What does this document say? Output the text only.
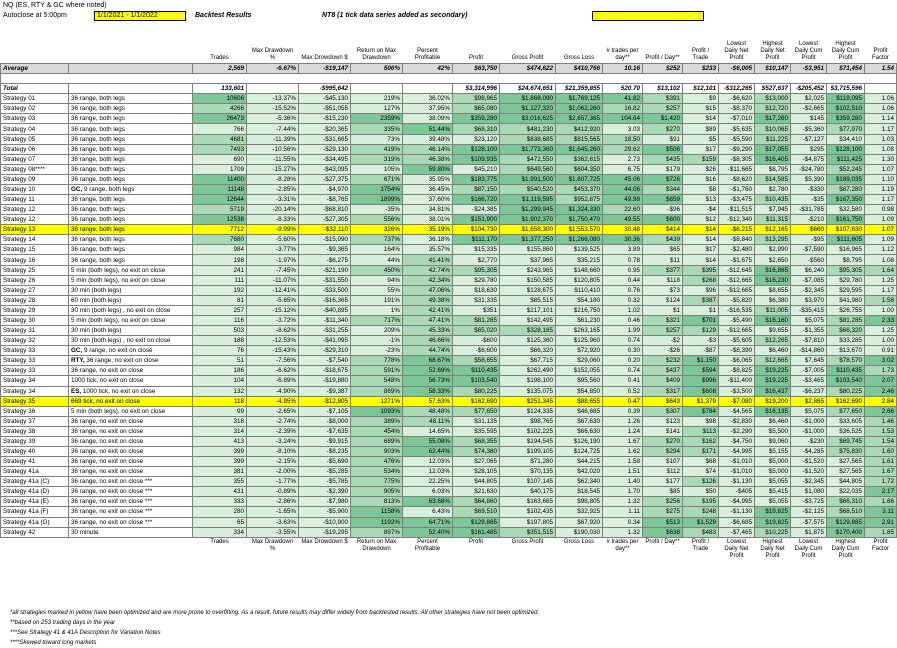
NQ (ES, RTY & GC where noted)
Autoclose at 5:00pm	1/1/2021 - 1/1/2022	Backtest Results	NT8 (1 tick data series added as secondary)
		Trades	Max Drawdown %	Max Drowdown $	Return on Max Drawdown	Percent Profitable	Profit	Gross Profit	Gross Loss	# trades per day**	Profit / Day**	Profit / Trade	Lowest Daily Net Profit	Highest Daily Net Profit	Lowest Daily Cum Profit	Highest Daily Cum Profit	Profit Factor
Average		2,569	-6.67%	-$19,147	506%	42%	$63,750	$474,622	$410,766	10.16	$252	$233	-$6,005	$10,147	-$3,951	$71,454	1.54

Total		133,601		-$995,642			$3,314,996	$24,674,651	$21,359,855	520.70	$13,102	$12,101	-$312,265	$527,637	-$205,452	$3,715,596	
Strategy 01	36 range, both legs	10606	-13.37%	-$45,130	219%	36.02%	$98,965	$1,868,090	$1,769,125	41.82	$391	$9	-$6,620	$13,000	$2,025	$118,095	1.06
Strategy 02	36 range, both legs	4266	-15.52%	-$51,055	127%	37.95%	$65,080	$1,127,320	$1,062,260	16.82	$257	$15	-$8,370	$12,720	-$2,665	$102,510	1.06
Strategy 03	36 range, both legs	26473	-5.36%	-$15,230	2359%	38.09%	$359,280	$3,016,625	$2,657,365	104.64	$1,420	$14	-$7,010	$17,260	$145	$359,280	1.14
Strategy 04	36 range, both legs	766	-7.44%	-$20,365	335%	51.44%	$68,310	$481,230	$412,920	3.03	$270	$89	-$5,635	$10,065	-$5,360	$77,970	1.17
Strategy 05	36 range, both legs	4681	-11.39%	-$31,665	73%	39.48%	$23,120	$838,685	$815,565	18.50	$91	$5	-$5,590	$11,225	-$7,127	$34,410	1.03
Strategy 06	36 range, both legs	7493	-10.56%	-$29,130	419%	46.14%	$128,100	$1,773,360	$1,645,260	29.62	$506	$17	-$9,290	$17,055	$295	$128,100	1.08
Strategy 07	36 range, both legs	690	-11.55%	-$34,495	319%	46.38%	$109,935	$472,550	$362,615	2.73	$435	$159	-$8,305	$16,405	-$4,875	$111,425	1.30
Strategy 08****	36 range, both legs	1709	-15.27%	-$43,095	105%	59.80%	$45,210	$649,560	$604,350	6.75	$179	$26	-$11,665	$8,795	-$24,780	$52,245	1.07
Strategy 09	36 range, both legs	11400	-8.28%	-$27,375	671%	35.95%	$183,775	$1,991,500	$1,807,725	45.06	$726	$16	-$8,620	$14,585	$5,390	$189,035	1.10
Strategy 10	GC, 9 range, both legs	11148	-2.85%	-$4,970	1754%	36.45%	$87,150	$540,520	$453,370	44.06	$344	$8	-$1,760	$2,780	-$330	$87,280	1.19
Strategy 11	36 range, both legs	12644	-3.31%	-$8,765	1899%	37.60%	$166,720	$1,119,595	$952,875	49.98	$659	$13	-$3,475	$10,435	-$35	$167,350	1.17
Strategy 12	36 range, both legs	5719	-20.14%	-$68,810	-35%	34.81%	-$24,385	$1,299,945	$1,324,330	22.60	-$96	-$4	-$11,515	$7,945	-$31,785	$32,580	0.98
Strategy 12	36 range, both legs	12538	-8.33%	-$27,305	556%	38.01%	$151,900	$1,902,370	$1,750,470	49.55	$600	$12	-$12,340	$11,315	-$210	$161,750	1.09
Strategy 13	36 range, both legs	7712	-9.99%	-$32,110	326%	35.19%	$104,730	$1,658,300	$1,553,570	30.48	$414	$14	-$6,215	$12,165	$660	$107,630	1.07
Strategy 14	36 range, both legs	7680	-5.60%	-$15,090	737%	36.18%	$111,170	$1,377,250	$1,266,080	30.36	$439	$14	-$8,840	$13,295	-$95	$111,605	1.09
Strategy 15	36 range, both legs	984	-3.77%	-$9,365	164%	35.57%	$15,335	$155,860	$139,525	3.89	$65	$17	-$2,480	$2,990	-$7,590	$16,965	1.12
Strategy 16	36 range, both legs	198	-1.97%	-$6,275	44%	41.41%	$2,770	$37,965	$35,215	0.78	$11	$14	-$1,675	$2,650	-$560	$8,795	1.08
Strategy 25	5 min (both legs), no exit on close	241	-7.45%	-$21,190	450%	42.74%	$95,305	$243,965	$148,660	0.95	$377	$395	-$12,645	$16,865	$6,240	$95,305	1.64
Strategy 26	5 min (both legs), no exit on close	111	-11.07%	-$31,550	94%	42.34%	$29,780	$150,585	$120,805	0.44	$118	$268	-$12,665	$16,230	-$7,085	$29,780	1.25
Strategy 27	30 min (both legs)	192	-12.41%	-$33,500	55%	47.06%	$18,630	$128,675	$110,410	0.76	$73	$96	-$12,665	$8,655	-$2,345	$29,595	1.17
Strategy 28	60 min (both legs)	81	-5.65%	-$16,365	191%	49.38%	$31,335	$85,515	$54,180	0.32	$124	$387	-$5,820	$6,380	$3,970	$41,980	1.58
Strategy 29	30 min (both legs) , no exit on close	257	-15.12%	-$40,895	1%	42.41%	$351	$217,101	$216,750	1.02	$1	$1	-$16,535	$11,005	-$35,415	$26,755	1.00
Strategy 30	5 min (both legs), no exit on close	116	-3.72%	-$11,340	717%	47.41%	$81,285	$142,495	$61,230	0.46	$321	$701	-$5,490	$16,160	$5,075	$81,285	2.33
Strategy 31	30 min (both legs)	503	-8.62%	-$31,255	209%	45.33%	$65,020	$328,185	$263,165	1.99	$257	$129	-$12,665	$9,655	-$1,355	$66,320	1.25
Strategy 32	30 min (both legs) , no exit on close	188	-12.53%	-$41,095	-1%	46.66%	-$600	$125,360	$125,960	0.74	-$2	-$3	-$5,605	$12,265	-$7,810	$33,285	1.00
Strategy 33	GC, 9 range, no exit on close	76	-15.43%	-$29,310	-23%	44.74%	-$6,600	$66,320	$72,920	0.30	-$26	-$87	-$8,390	$6,460	-$14,860	$13,670	0.91
Strategy 33	RTY, 36 range, no exit on close	51	-7.56%	-$7,540	778%	68.67%	$58,655	$67,715	$29,060	0.20	$232	$1,150	-$6,065	$12,665	$7,645	$78,570	3.02
Strategy 33	36 range, no exit on close	186	-6.62%	-$18,675	591%	52.69%	$110,435	$262,490	$152,055	0.74	$437	$594	-$8,825	$19,225	-$7,005	$110,435	1.73
Strategy 34	1000 tick, no exit on close	104	-6.89%	-$19,880	548%	56.73%	$103,540	$198,100	$95,560	0.41	$409	$996	-$11,400	$19,225	-$3,465	$103,540	2.07
Strategy 34	ES, 1000 tick, no exit on close	132	-4.90%	-$9,387	869%	58.33%	$80,225	$135,075	$54,850	0.52	$317	$608	-$3,500	$16,437	-$6,237	$80,225	2.46
Strategy 35	669 tick, no exit on close	118	-4.95%	-$12,805	1271%	57.63%	$162,690	$251,345	$88,655	0.47	$643	$1,379	-$7,080	$19,200	$2,865	$162,690	2.84
Strategy 36	5 min (both legs), no exit on close	99	-2.65%	-$7,105	1093%	48.48%	$77,650	$124,335	$46,685	0.39	$307	$784	-$4,565	$16,135	$5,075	$77,650	2.66
Strategy 37	36 range, no exit on close	318	-2.74%	-$8,000	389%	48.11%	$31,135	$98,765	$67,630	1.26	$123	$98	-$2,830	$6,460	-$1,000	$33,605	1.46
Strategy 38	36 range, no exit on close	314	-2.39%	-$7,635	454%	14.65%	$35,595	$102,225	$66,630	1.24	$141	$113	-$2,290	$5,500	-$1,000	$36,525	1.53
Strategy 39	36 range, no exit on close	413	-3.24%	-$9,915	689%	55.08%	$68,355	$194,545	$126,190	1.67	$270	$162	-$4,750	$9,060	-$230	$69,745	1.54
Strategy 40	36 range, no exit on close	399	-8.10%	-$8,235	903%	62.44%	$74,380	$199,105	$124,725	1.62	$294	$171	-$4,995	$5,155	-$4,285	$75,830	1.60
Strategy 41	36 range, no exit on close	399	-2.15%	-$5,690	476%	12.03%	$27,065	$71,280	$44,215	1.58	$107	$68	-$1,010	$5,000	-$1,520	$27,565	1.61
Strategy 41a	36 range, no exit on close	381	-2.00%	-$5,285	534%	12.03%	$28,105	$70,135	$42,020	1.51	$112	$74	-$1,010	$5,000	-$1,520	$27,565	1.67
Strategy 41a (C)	36 range, no exit on close ***	355	-1.77%	-$5,785	775%	22.25%	$44,805	$107,145	$62,340	1.40	$177	$126	-$1,130	$5,055	-$2,345	$44,805	1.72
Strategy 41a (D)	36 range, no exit on close ***	431	-0.89%	-$2,390	905%	6.03%	$21,630	$40,175	$18,545	1.70	$85	$50	-$405	$5,415	$1,080	$22,035	2.17
Strategy 41a (E)	36 range, no exit on close ***	333	-2.86%	-$7,980	813%	63.68%	$64,860	$163,665	$98,805	1.32	$256	$195	-$4,995	$5,055	-$3,725	$66,310	1.66
Strategy 41a (F)	36 range, no exit on close ***	280	-1.65%	-$5,900	1158%	6.43%	$69,510	$102,435	$32,925	1.11	$275	$248	-$1,130	$19,825	-$2,125	$68,510	3.11
Strategy 41a (G)	36 range, no exit on close ***	65	-3.63%	-$10,900	1192%	64.71%	$129,885	$197,805	$67,920	0.34	$513	$1,529	-$6,685	$19,825	-$7,575	$129,885	2.91
Strategy 42	30 minute	334	-3.55%	-$19,295	897%	52.40%	$161,485	$351,515	$190,030	1.32	$638	$483	-$7,465	$10,225	$1,875	$170,400	1.85
		Trades	Max Drawdown %	Max Drowdown $	Return on Max Drawdown	Percent Profitable	Profit	Gross Profit	Gross Loss	# trades per day**	Profit / Day**	Profit / Trade	Lowest Daily Net Profit	Highest Daily Net Profit	Lowest Daily Cum Profit	Highest Daily Cum Profit	Profit Factor
*all strategies marked in yellow have been optimized and are more prone to overfitting. As a result, future results may differ widely from backtested results. All other strategies have not been optimized.
**based on 253 trading days in the year
***See Strategy 41 & 41A Description for Variation Notes
****Skewed toward long markets
